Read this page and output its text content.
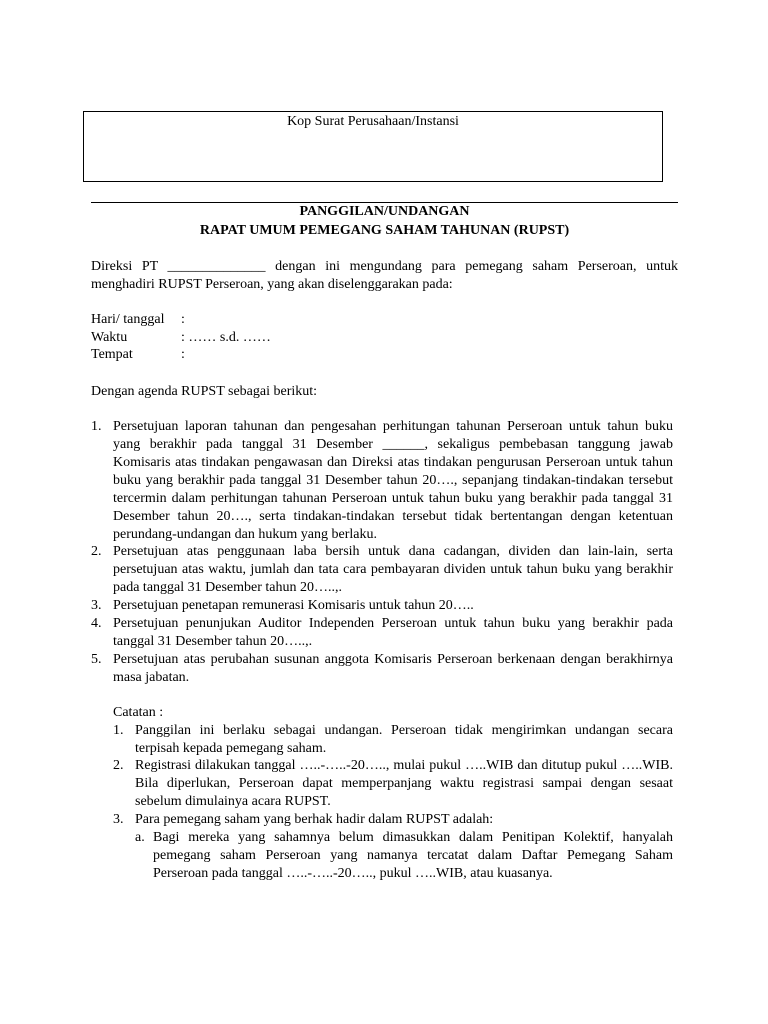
Kop Surat Perusahaan/Instansi
PANGGILAN/UNDANGAN
RAPAT UMUM PEMEGANG SAHAM TAHUNAN (RUPST)
Direksi PT ______________ dengan ini mengundang para pemegang saham Perseroan, untuk menghadiri RUPST Perseroan, yang akan diselenggarakan pada:
Hari/ tanggal	:
Waktu	: …… s.d. ……
Tempat	:
Dengan agenda RUPST sebagai berikut:
1. Persetujuan laporan tahunan dan pengesahan perhitungan tahunan Perseroan untuk tahun buku yang berakhir pada tanggal 31 Desember ______, sekaligus pembebasan tanggung jawab Komisaris atas tindakan pengawasan dan Direksi atas tindakan pengurusan Perseroan untuk tahun buku yang berakhir pada tanggal 31 Desember tahun 20…., sepanjang tindakan-tindakan tersebut tercermin dalam perhitungan tahunan Perseroan untuk tahun buku yang berakhir pada tanggal 31 Desember tahun 20…., serta tindakan-tindakan tersebut tidak bertentangan dengan ketentuan perundang-undangan dan hukum yang berlaku.
2. Persetujuan atas penggunaan laba bersih untuk dana cadangan, dividen dan lain-lain, serta persetujuan atas waktu, jumlah dan tata cara pembayaran dividen untuk tahun buku yang berakhir pada tanggal 31 Desember tahun 20…..,.
3. Persetujuan penetapan remunerasi Komisaris untuk tahun 20…..
4. Persetujuan penunjukan Auditor Independen Perseroan untuk tahun buku yang berakhir pada tanggal 31 Desember tahun 20…..,.
5. Persetujuan atas perubahan susunan anggota Komisaris Perseroan berkenaan dengan berakhirnya masa jabatan.
Catatan :
1. Panggilan ini berlaku sebagai undangan. Perseroan tidak mengirimkan undangan secara terpisah kepada pemegang saham.
2. Registrasi dilakukan tanggal …..-…..-20….., mulai pukul …..WIB dan ditutup pukul …..WIB. Bila diperlukan, Perseroan dapat memperpanjang waktu registrasi sampai dengan sesaat sebelum dimulainya acara RUPST.
3. Para pemegang saham yang berhak hadir dalam RUPST adalah:
a. Bagi mereka yang sahamnya belum dimasukkan dalam Penitipan Kolektif, hanyalah pemegang saham Perseroan yang namanya tercatat dalam Daftar Pemegang Saham Perseroan pada tanggal …..-…..-20….., pukul …..WIB, atau kuasanya.
